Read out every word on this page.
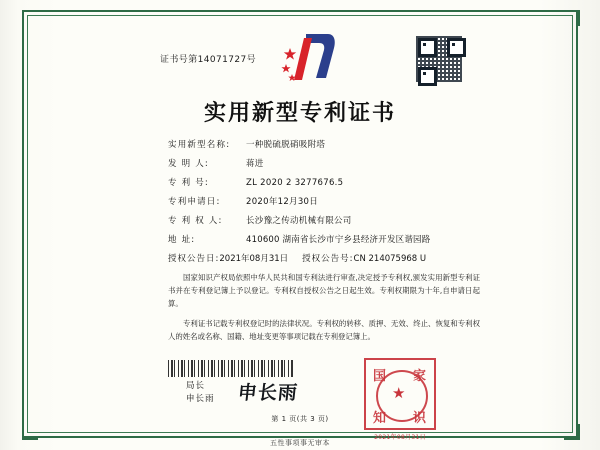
证书号第14071727号
实用新型专利证书
实用新型名称:	一种脱硫脱硝吸附塔
发 明 人:	蒋进
专 利 号:	ZL 2020 2 3277676.5
专利申请日:	2020年12月30日
专 利 权 人:	长沙豫之传动机械有限公司
地 址:	410600 湖南省长沙市宁乡县经济开发区谐园路
授权公告日: 2021年08月31日 授权公告号: CN 214075968 U
国家知识产权局依照中华人民共和国专利法进行审查,决定授予专利权,颁发实用新型专利证书并在专利登记簿上予以登记。专利权自授权公告之日起生效。专利权期限为十年,自申请日起算。
专利证书记载专利权登记时的法律状况。专利权的转移、质押、无效、终止、恢复和专利权人的姓名或名称、国籍、地址变更等事项记载在专利登记簿上。
局长
申长雨 申长雨
国 家
知 识
★
2021年08月31日
第 1 页(共 3 页)
五性事项事无审本
